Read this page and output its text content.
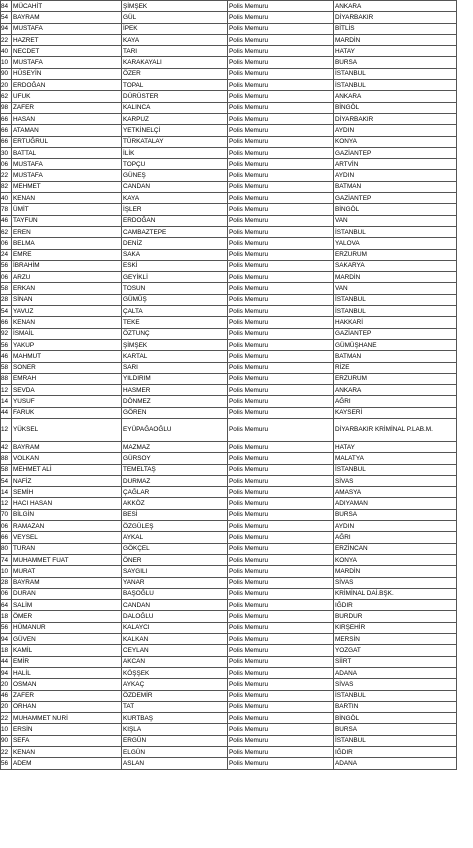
84	MÜCAHİT	ŞİMŞEK	Polis Memuru	ANKARA
54	BAYRAM	GÜL	Polis Memuru	DİYARBAKIR
94	MUSTAFA	İPEK	Polis Memuru	BİTLİS
22	HAZRET	KAYA	Polis Memuru	MARDİN
40	NECDET	TARI	Polis Memuru	HATAY
10	MUSTAFA	KARAKAYALI	Polis Memuru	BURSA
90	HÜSEYİN	ÖZER	Polis Memuru	İSTANBUL
20	ERDOĞAN	TOPAL	Polis Memuru	İSTANBUL
62	UFUK	DÜRÜSTER	Polis Memuru	ANKARA
98	ZAFER	KALINCA	Polis Memuru	BİNGÖL
66	HASAN	KARPUZ	Polis Memuru	DİYARBAKIR
66	ATAMAN	YETKİNELÇİ	Polis Memuru	AYDIN
66	ERTUĞRUL	TÜRKATALAY	Polis Memuru	KONYA
30	BATTAL	İLİK	Polis Memuru	GAZİANTEP
06	MUSTAFA	TOPÇU	Polis Memuru	ARTVİN
22	MUSTAFA	GÜNEŞ	Polis Memuru	AYDIN
82	MEHMET	CANDAN	Polis Memuru	BATMAN
40	KENAN	KAYA	Polis Memuru	GAZİANTEP
78	ÜMİT	İŞLER	Polis Memuru	BİNGÖL
46	TAYFUN	ERDOĞAN	Polis Memuru	VAN
62	EREN	CAMBAZTEPE	Polis Memuru	İSTANBUL
06	BELMA	DENİZ	Polis Memuru	YALOVA
24	EMRE	SAKA	Polis Memuru	ERZURUM
56	İBRAHİM	ESKİ	Polis Memuru	SAKARYA
06	ARZU	GEYİKLİ	Polis Memuru	MARDİN
58	ERKAN	TOSUN	Polis Memuru	VAN
28	SİNAN	GÜMÜŞ	Polis Memuru	İSTANBUL
54	YAVUZ	ÇALTA	Polis Memuru	İSTANBUL
66	KENAN	TEKE	Polis Memuru	HAKKARİ
92	İSMAİL	ÖZTUNÇ	Polis Memuru	GAZİANTEP
56	YAKUP	ŞİMŞEK	Polis Memuru	GÜMÜŞHANE
46	MAHMUT	KARTAL	Polis Memuru	BATMAN
58	SONER	SARI	Polis Memuru	RİZE
88	EMRAH	YILDIRIM	Polis Memuru	ERZURUM
12	SEVDA	HASMER	Polis Memuru	ANKARA
14	YUSUF	DÖNMEZ	Polis Memuru	AĞRI
44	FARUK	GÖREN	Polis Memuru	KAYSERİ
12	YÜKSEL	EYÜPAĞAOĞLU	Polis Memuru	DİYARBAKIR KRİMİNAL P.LAB.M.
42	BAYRAM	MAZMAZ	Polis Memuru	HATAY
88	VOLKAN	GÜRSOY	Polis Memuru	MALATYA
58	MEHMET ALİ	TEMELTAŞ	Polis Memuru	İSTANBUL
54	NAFİZ	DURMAZ	Polis Memuru	SİVAS
14	SEMİH	ÇAĞLAR	Polis Memuru	AMASYA
12	HACI HASAN	AKKÖZ	Polis Memuru	ADIYAMAN
70	BİLGİN	BESİ	Polis Memuru	BURSA
06	RAMAZAN	ÖZGÜLEŞ	Polis Memuru	AYDIN
66	VEYSEL	AYKAL	Polis Memuru	AĞRI
80	TURAN	GÖKÇEL	Polis Memuru	ERZİNCAN
74	MUHAMMET FUAT	ÖNER	Polis Memuru	KONYA
10	MURAT	SAYGILI	Polis Memuru	MARDİN
28	BAYRAM	YANAR	Polis Memuru	SİVAS
06	DURAN	BAŞOĞLU	Polis Memuru	KRİMİNAL DAİ.BŞK.
64	SALİM	CANDAN	Polis Memuru	IĞDIR
18	ÖMER	DALOĞLU	Polis Memuru	BURDUR
56	HÜMANUR	KALAYCI	Polis Memuru	KIRŞEHİR
94	GÜVEN	KALKAN	Polis Memuru	MERSİN
18	KAMİL	CEYLAN	Polis Memuru	YOZGAT
44	EMİR	AKCAN	Polis Memuru	SİİRT
94	HALİL	KÖŞŞEK	Polis Memuru	ADANA
20	OSMAN	AYKAÇ	Polis Memuru	SİVAS
46	ZAFER	ÖZDEMİR	Polis Memuru	İSTANBUL
20	ORHAN	TAT	Polis Memuru	BARTIN
22	MUHAMMET NURİ	KURTBAŞ	Polis Memuru	BİNGÖL
10	ERSİN	KIŞLA	Polis Memuru	BURSA
90	SEFA	ERGÜN	Polis Memuru	İSTANBUL
22	KENAN	ELGÜN	Polis Memuru	IĞDIR
56	ADEM	ASLAN	Polis Memuru	ADANA
